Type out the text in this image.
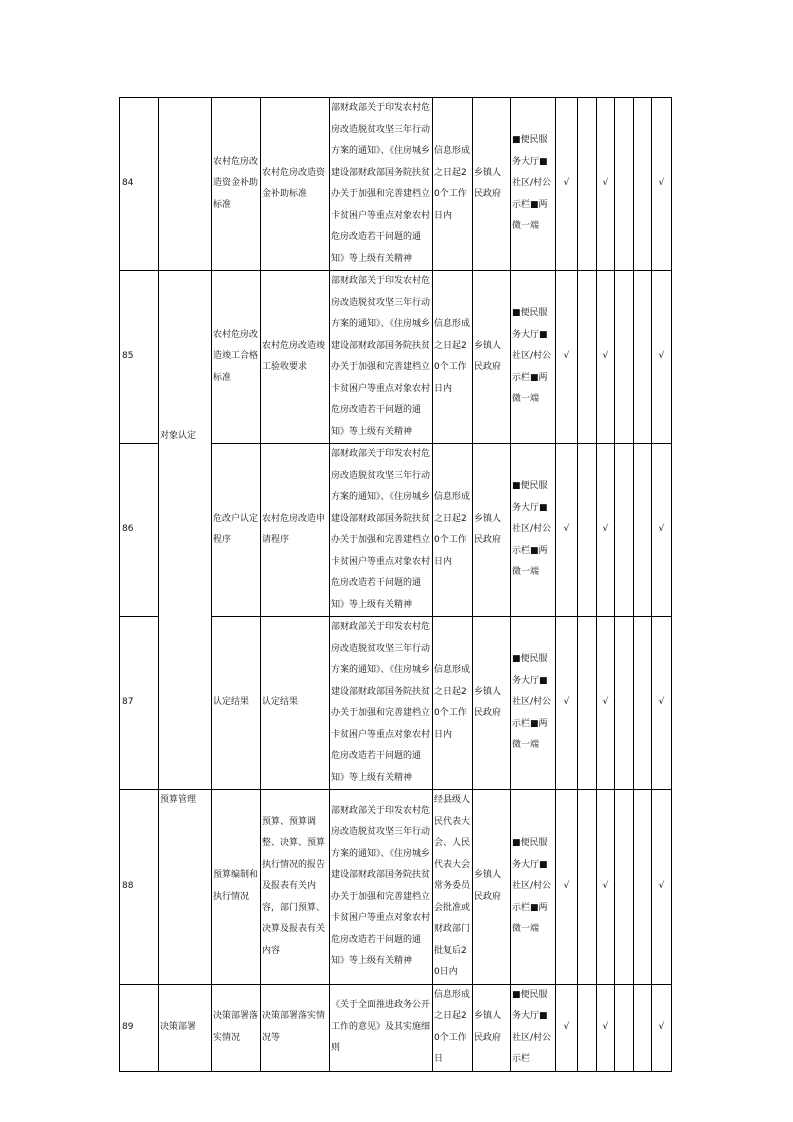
84		农村危房改造资金补助标准	农村危房改造资金补助标准	部财政部关于印发农村危房改造脱贫攻坚三年行动方案的通知》、《住房城乡建设部财政部国务院扶贫办关于加强和完善建档立卡贫困户等重点对象农村危房改造若干问题的通知》等上级有关精神	信息形成之日起20个工作日内	乡镇人民政府	■便民服务大厅■社区/村公示栏■两微一端	√		√			√
85	对象认定	农村危房改造竣工合格标准	农村危房改造竣工验收要求	部财政部关于印发农村危房改造脱贫攻坚三年行动方案的通知》、《住房城乡建设部财政部国务院扶贫办关于加强和完善建档立卡贫困户等重点对象农村危房改造若干问题的通知》等上级有关精神	信息形成之日起20个工作日内	乡镇人民政府	■便民服务大厅■社区/村公示栏■两微一端	√		√			√
86		危改户认定程序	农村危房改造申请程序	部财政部关于印发农村危房改造脱贫攻坚三年行动方案的通知》、《住房城乡建设部财政部国务院扶贫办关于加强和完善建档立卡贫困户等重点对象农村危房改造若干问题的通知》等上级有关精神	信息形成之日起20个工作日内	乡镇人民政府	■便民服务大厅■社区/村公示栏■两微一端	√		√			√
87		认定结果	认定结果	部财政部关于印发农村危房改造脱贫攻坚三年行动方案的通知》、《住房城乡建设部财政部国务院扶贫办关于加强和完善建档立卡贫困户等重点对象农村危房改造若干问题的通知》等上级有关精神	信息形成之日起20个工作日内	乡镇人民政府	■便民服务大厅■社区/村公示栏■两微一端	√		√			√
88	预算管理	预算编制和执行情况	预算、预算调整、决算、预算执行情况的报告及报表有关内容，部门预算、决算及报表有关内容	部财政部关于印发农村危房改造脱贫攻坚三年行动方案的通知》、《住房城乡建设部财政部国务院扶贫办关于加强和完善建档立卡贫困户等重点对象农村危房改造若干问题的通知》等上级有关精神	经县级人民代表大会、人民代表大会常务委员会批准或财政部门批复后20日内	乡镇人民政府	■便民服务大厅■社区/村公示栏■两微一端	√		√			√
89	决策部署	决策部署落实情况	决策部署落实情况等	《关于全面推进政务公开工作的意见》及其实施细则	信息形成之日起20个工作日	乡镇人民政府	■便民服务大厅■社区/村公示栏	√		√			√
